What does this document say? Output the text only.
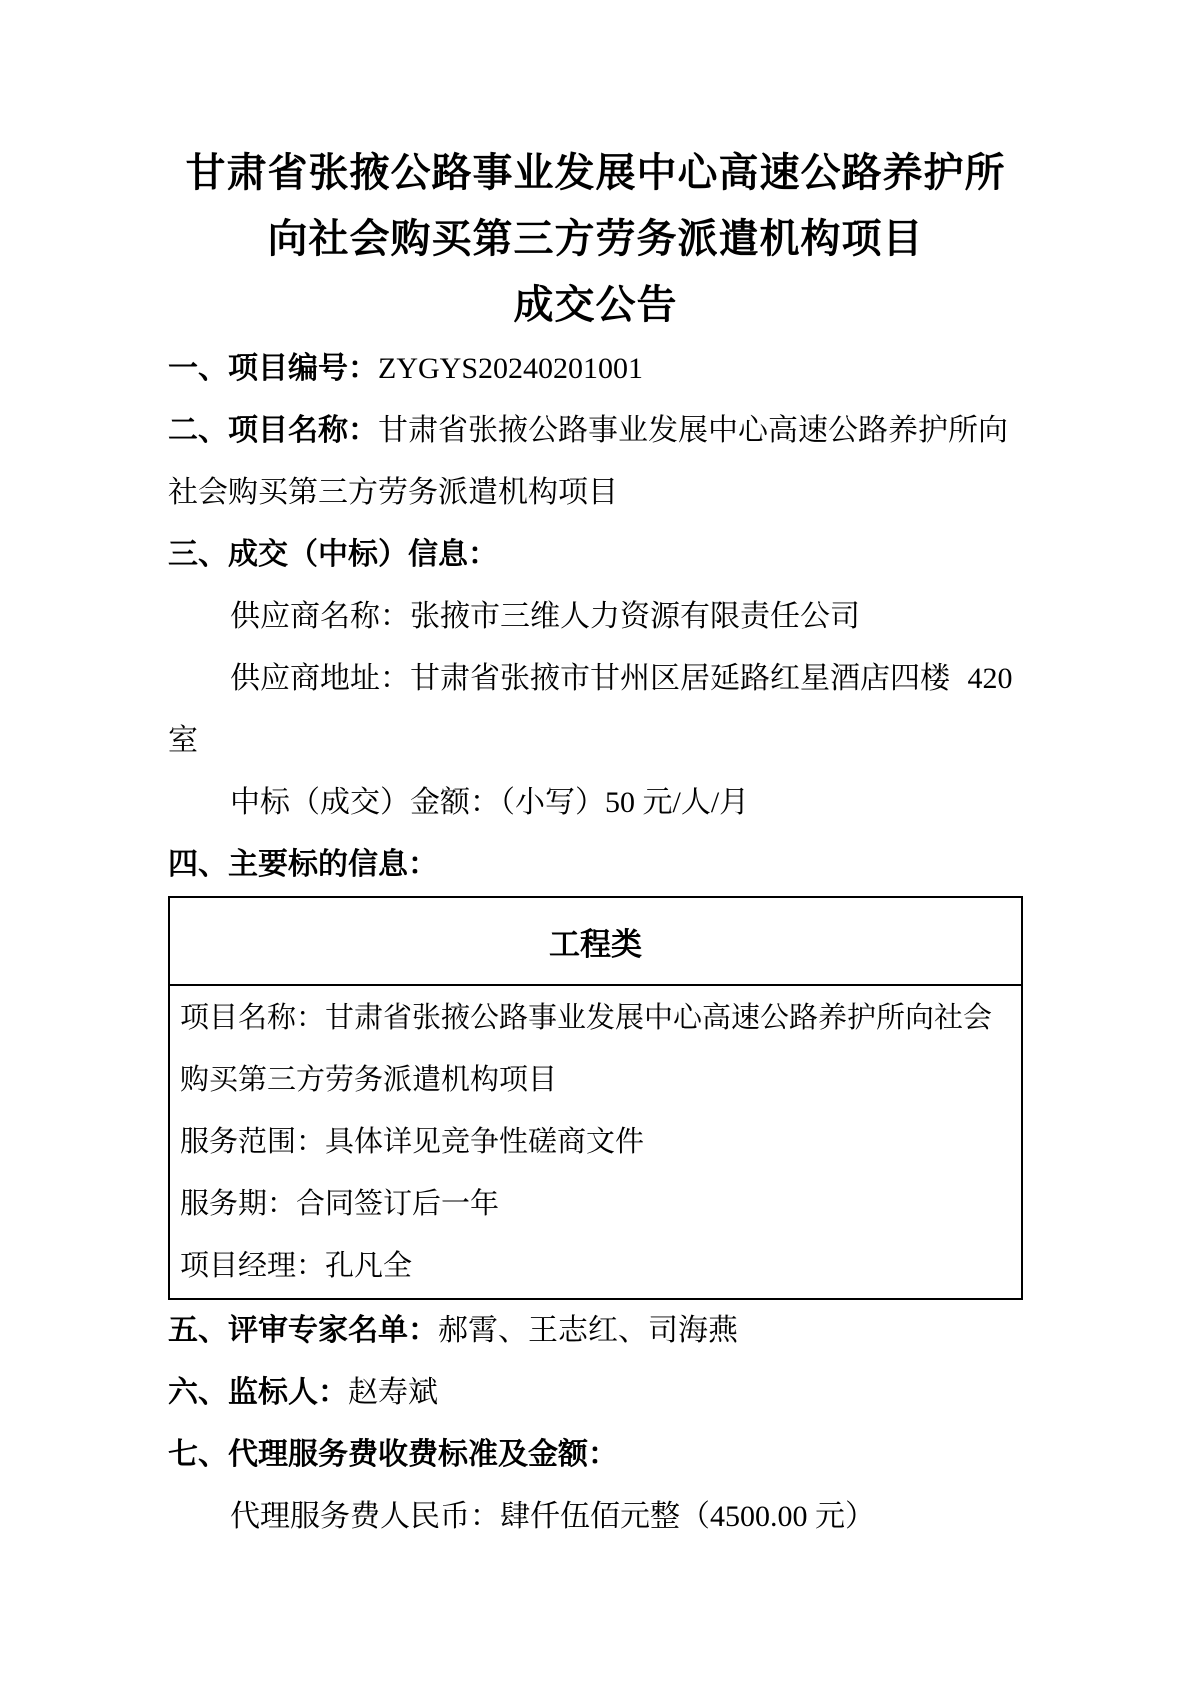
甘肃省张掖公路事业发展中心高速公路养护所
向社会购买第三方劳务派遣机构项目
成交公告

一、项目编号：ZYGYS20240201001

二、项目名称：甘肃省张掖公路事业发展中心高速公路养护所向社会购买第三方劳务派遣机构项目

三、成交（中标）信息：

供应商名称：张掖市三维人力资源有限责任公司

供应商地址：甘肃省张掖市甘州区居延路红星酒店四楼 420 室

中标（成交）金额：（小写）50 元/人/月

四、主要标的信息：

工程类
项目名称：甘肃省张掖公路事业发展中心高速公路养护所向社会购买第三方劳务派遣机构项目
服务范围：具体详见竞争性磋商文件
服务期：合同签订后一年
项目经理：孔凡全

五、评审专家名单：郝霄、王志红、司海燕

六、监标人：赵寿斌

七、代理服务费收费标准及金额：

代理服务费人民币：肆仟伍佰元整（4500.00 元）
